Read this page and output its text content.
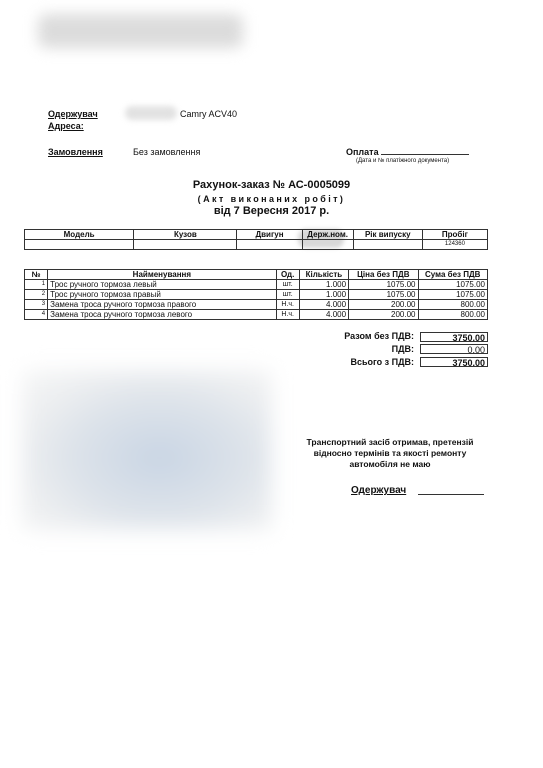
Одержувач
Адреса:
Camry ACV40
Замовлення	Без замовлення	Оплата
(Дата и № платіжного документа)
Рахунок-заказ № АС-0005099
(Акт виконаних робіт)
від 7 Вересня 2017 р.
Модель	Кузов	Двигун	Держ.ном.	Рік випуску	Пробіг
					124360
№	Найменування	Од.	Кількість	Ціна без ПДВ	Сума без ПДВ
1	Трос ручного тормоза левый	шт.	1.000	1075.00	1075.00
2	Трос ручного тормоза правый	шт.	1.000	1075.00	1075.00
3	Замена троса ручного тормоза правого	Н.ч.	4.000	200.00	800.00
4	Замена троса ручного тормоза левого	Н.ч.	4.000	200.00	800.00
Разом без ПДВ:	3750.00
ПДВ:	0.00
Всього з ПДВ:	3750.00
Транспортний засіб отримав, претензій
відносно термінів та якості ремонту
автомобіля не маю
Одержувач
